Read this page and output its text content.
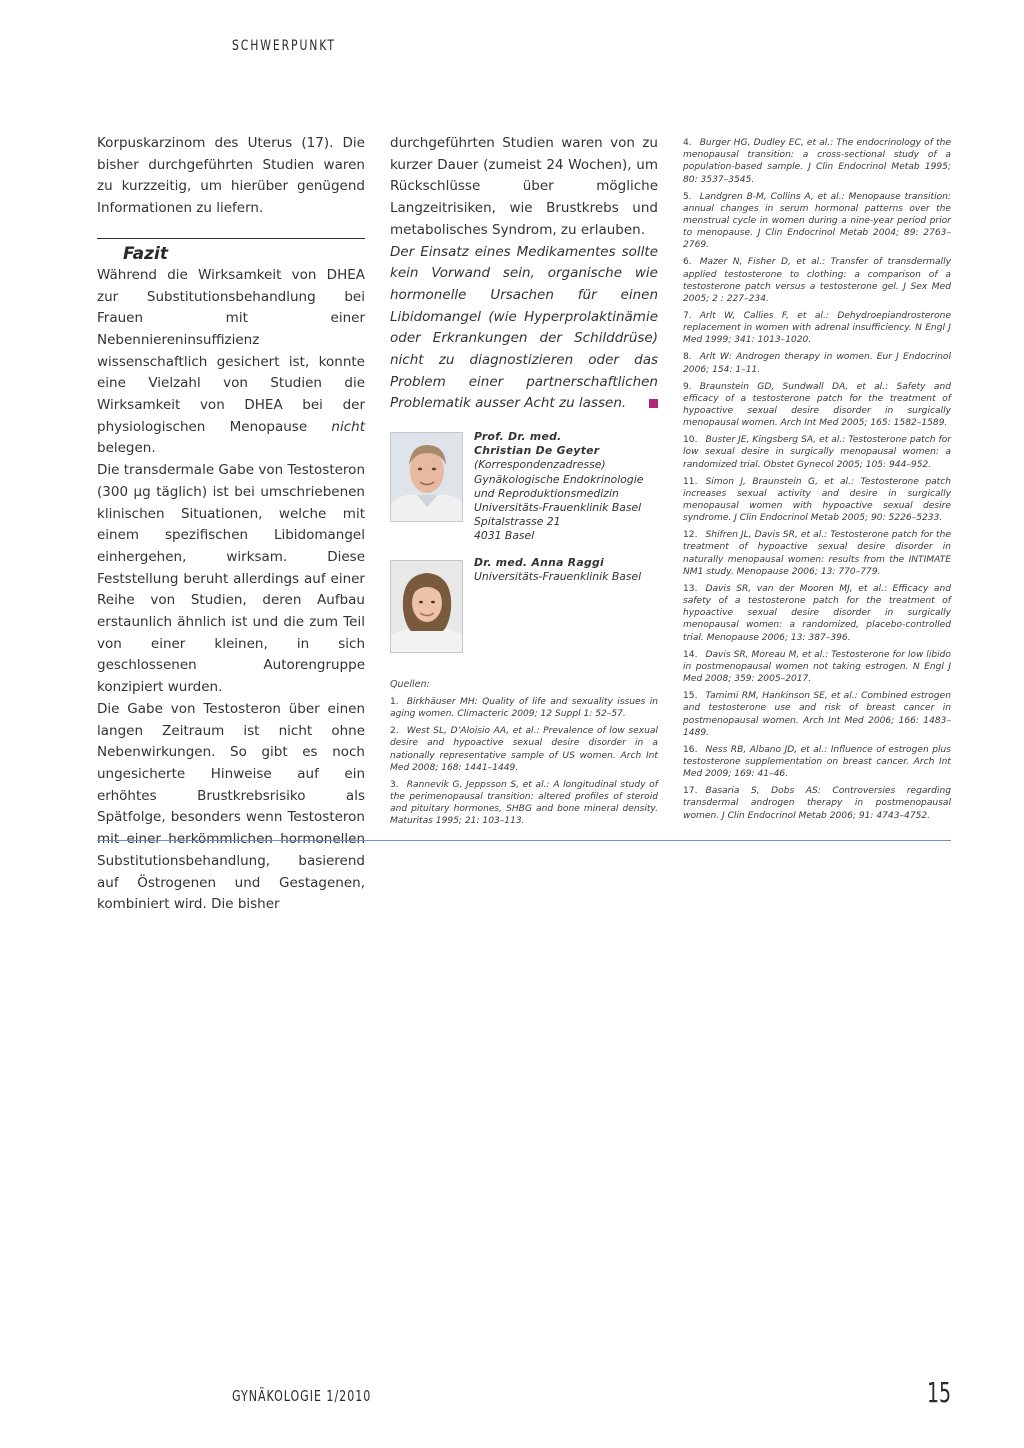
SCHWERPUNKT

Korpuskarzinom des Uterus (17). Die bisher durchgeführten Studien waren zu kurzzeitig, um hierüber genügend Informationen zu liefern.

Fazit

Während die Wirksamkeit von DHEA zur Substitutionsbehandlung bei Frauen mit einer Nebenniereninsuffizienz wissenschaftlich gesichert ist, konnte eine Vielzahl von Studien die Wirksamkeit von DHEA bei der physiologischen Menopause nicht belegen.

Die transdermale Gabe von Testosteron (300 µg täglich) ist bei umschriebenen klinischen Situationen, welche mit einem spezifischen Libidomangel einhergehen, wirksam. Diese Feststellung beruht allerdings auf einer Reihe von Studien, deren Aufbau erstaunlich ähnlich ist und die zum Teil von einer kleinen, in sich geschlossenen Autorengruppe konzipiert wurden.

Die Gabe von Testosteron über einen langen Zeitraum ist nicht ohne Nebenwirkungen. So gibt es noch ungesicherte Hinweise auf ein erhöhtes Brustkrebsrisiko als Spätfolge, besonders wenn Testosteron mit einer herkömmlichen hormonellen Substitutionsbehandlung, basierend auf Östrogenen und Gestagenen, kombiniert wird. Die bisher

durchgeführten Studien waren von zu kurzer Dauer (zumeist 24 Wochen), um Rückschlüsse über mögliche Langzeitrisiken, wie Brustkrebs und metabolisches Syndrom, zu erlauben.

Der Einsatz eines Medikamentes sollte kein Vorwand sein, organische wie hormonelle Ursachen für einen Libidomangel (wie Hyperprolaktinämie oder Erkrankungen der Schilddrüse) nicht zu diagnostizieren oder das Problem einer partnerschaftlichen Problematik ausser Acht zu lassen.

Prof. Dr. med.
Christian De Geyter
(Korrespondenzadresse)
Gynäkologische Endokrinologie
und Reproduktionsmedizin
Universitäts-Frauenklinik Basel
Spitalstrasse 21
4031 Basel
Dr. med. Anna Raggi
Universitäts-Frauenklinik Basel
Quellen:
1. Birkhäuser MH: Quality of life and sexuality issues in aging women. Climacteric 2009; 12 Suppl 1: 52–57.
2. West SL, D’Aloisio AA, et al.: Prevalence of low sexual desire and hypoactive sexual desire disorder in a nationally representative sample of US women. Arch Int Med 2008; 168: 1441–1449.
3. Rannevik G, Jeppsson S, et al.: A longitudinal study of the perimenopausal transition: altered profiles of steroid and pituitary hormones, SHBG and bone mineral density. Maturitas 1995; 21: 103–113.
4. Burger HG, Dudley EC, et al.: The endocrinology of the menopausal transition: a cross-sectional study of a population-based sample. J Clin Endocrinol Metab 1995; 80: 3537–3545.
5. Landgren B-M, Collins A, et al.: Menopause transition: annual changes in serum hormonal patterns over the menstrual cycle in women during a nine-year period prior to menopause. J Clin Endocrinol Metab 2004; 89: 2763–2769.
6. Mazer N, Fisher D, et al.: Transfer of transdermally applied testosterone to clothing: a comparison of a testosterone patch versus a testosterone gel. J Sex Med 2005; 2 : 227–234.
7. Arlt W, Callies F, et al.: Dehydroepiandrosterone replacement in women with adrenal insufficiency. N Engl J Med 1999; 341: 1013–1020.
8. Arlt W: Androgen therapy in women. Eur J Endocrinol 2006; 154: 1–11.
9. Braunstein GD, Sundwall DA, et al.: Safety and efficacy of a testosterone patch for the treatment of hypoactive sexual desire disorder in surgically menopausal women. Arch Int Med 2005; 165: 1582–1589.
10. Buster JE, Kingsberg SA, et al.: Testosterone patch for low sexual desire in surgically menopausal women: a randomized trial. Obstet Gynecol 2005; 105: 944–952.
11. Simon J, Braunstein G, et al.: Testosterone patch increases sexual activity and desire in surgically menopausal women with hypoactive sexual desire syndrome. J Clin Endocrinol Metab 2005; 90: 5226–5233.
12. Shifren JL, Davis SR, et al.: Testosterone patch for the treatment of hypoactive sexual desire disorder in naturally menopausal women: results from the INTIMATE NM1 study. Menopause 2006; 13: 770–779.
13. Davis SR, van der Mooren MJ, et al.: Efficacy and safety of a testosterone patch for the treatment of hypoactive sexual desire disorder in surgically menopausal women: a randomized, placebo-controlled trial. Menopause 2006; 13: 387–396.
14. Davis SR, Moreau M, et al.: Testosterone for low libido in postmenopausal women not taking estrogen. N Engl J Med 2008; 359: 2005–2017.
15. Tamimi RM, Hankinson SE, et al.: Combined estrogen and testosterone use and risk of breast cancer in postmenopausal women. Arch Int Med 2006; 166: 1483–1489.
16. Ness RB, Albano JD, et al.: Influence of estrogen plus testosterone supplementation on breast cancer. Arch Int Med 2009; 169: 41–46.
17. Basaria S, Dobs AS: Controversies regarding transdermal androgen therapy in postmenopausal women. J Clin Endocrinol Metab 2006; 91: 4743–4752.
GYNÄKOLOGIE 1/2010	15
